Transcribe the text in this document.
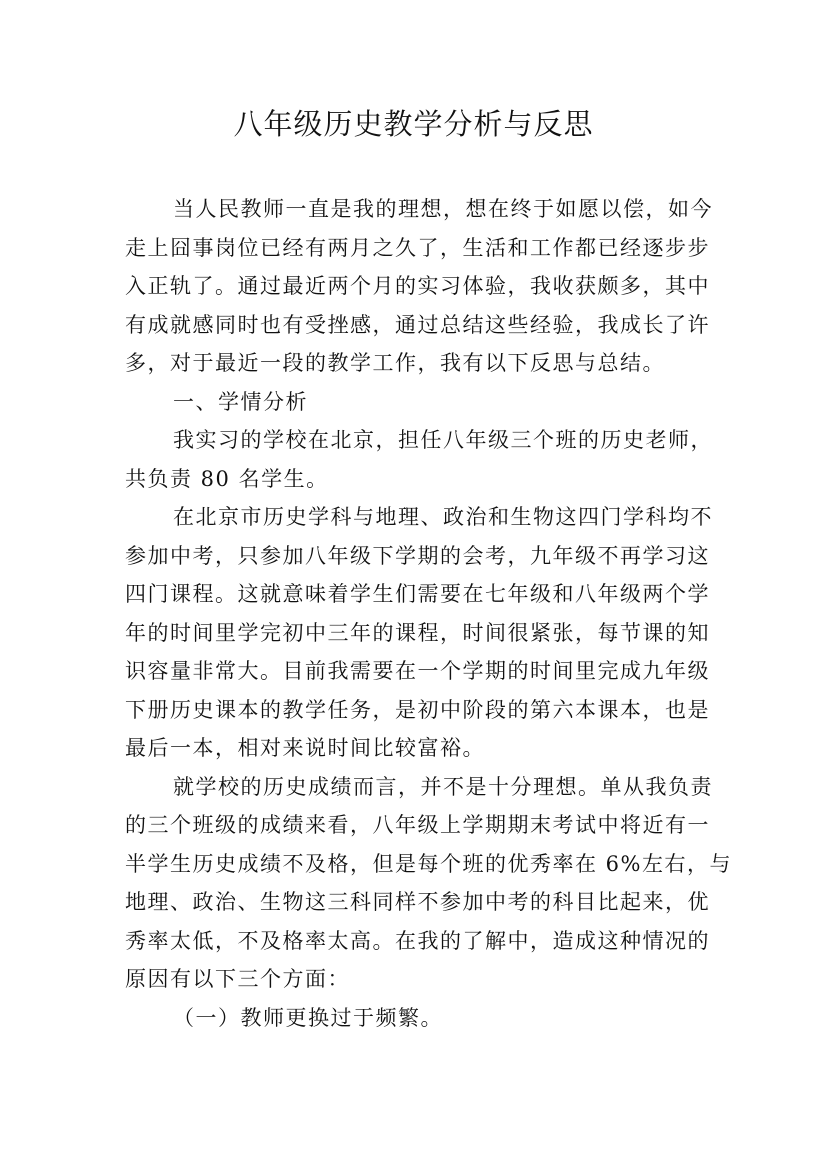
八年级历史教学分析与反思
当人民教师一直是我的理想，想在终于如愿以偿，如今
走上囧事岗位已经有两月之久了，生活和工作都已经逐步步
入正轨了。通过最近两个月的实习体验，我收获颇多，其中
有成就感同时也有受挫感，通过总结这些经验，我成长了许
多，对于最近一段的教学工作，我有以下反思与总结。
一、学情分析
我实习的学校在北京，担任八年级三个班的历史老师，
共负责 80 名学生。
在北京市历史学科与地理、政治和生物这四门学科均不
参加中考，只参加八年级下学期的会考，九年级不再学习这
四门课程。这就意味着学生们需要在七年级和八年级两个学
年的时间里学完初中三年的课程，时间很紧张，每节课的知
识容量非常大。目前我需要在一个学期的时间里完成九年级
下册历史课本的教学任务，是初中阶段的第六本课本，也是
最后一本，相对来说时间比较富裕。
就学校的历史成绩而言，并不是十分理想。单从我负责
的三个班级的成绩来看，八年级上学期期末考试中将近有一
半学生历史成绩不及格，但是每个班的优秀率在 6%左右，与
地理、政治、生物这三科同样不参加中考的科目比起来，优
秀率太低，不及格率太高。在我的了解中，造成这种情况的
原因有以下三个方面：
（一）教师更换过于频繁。
